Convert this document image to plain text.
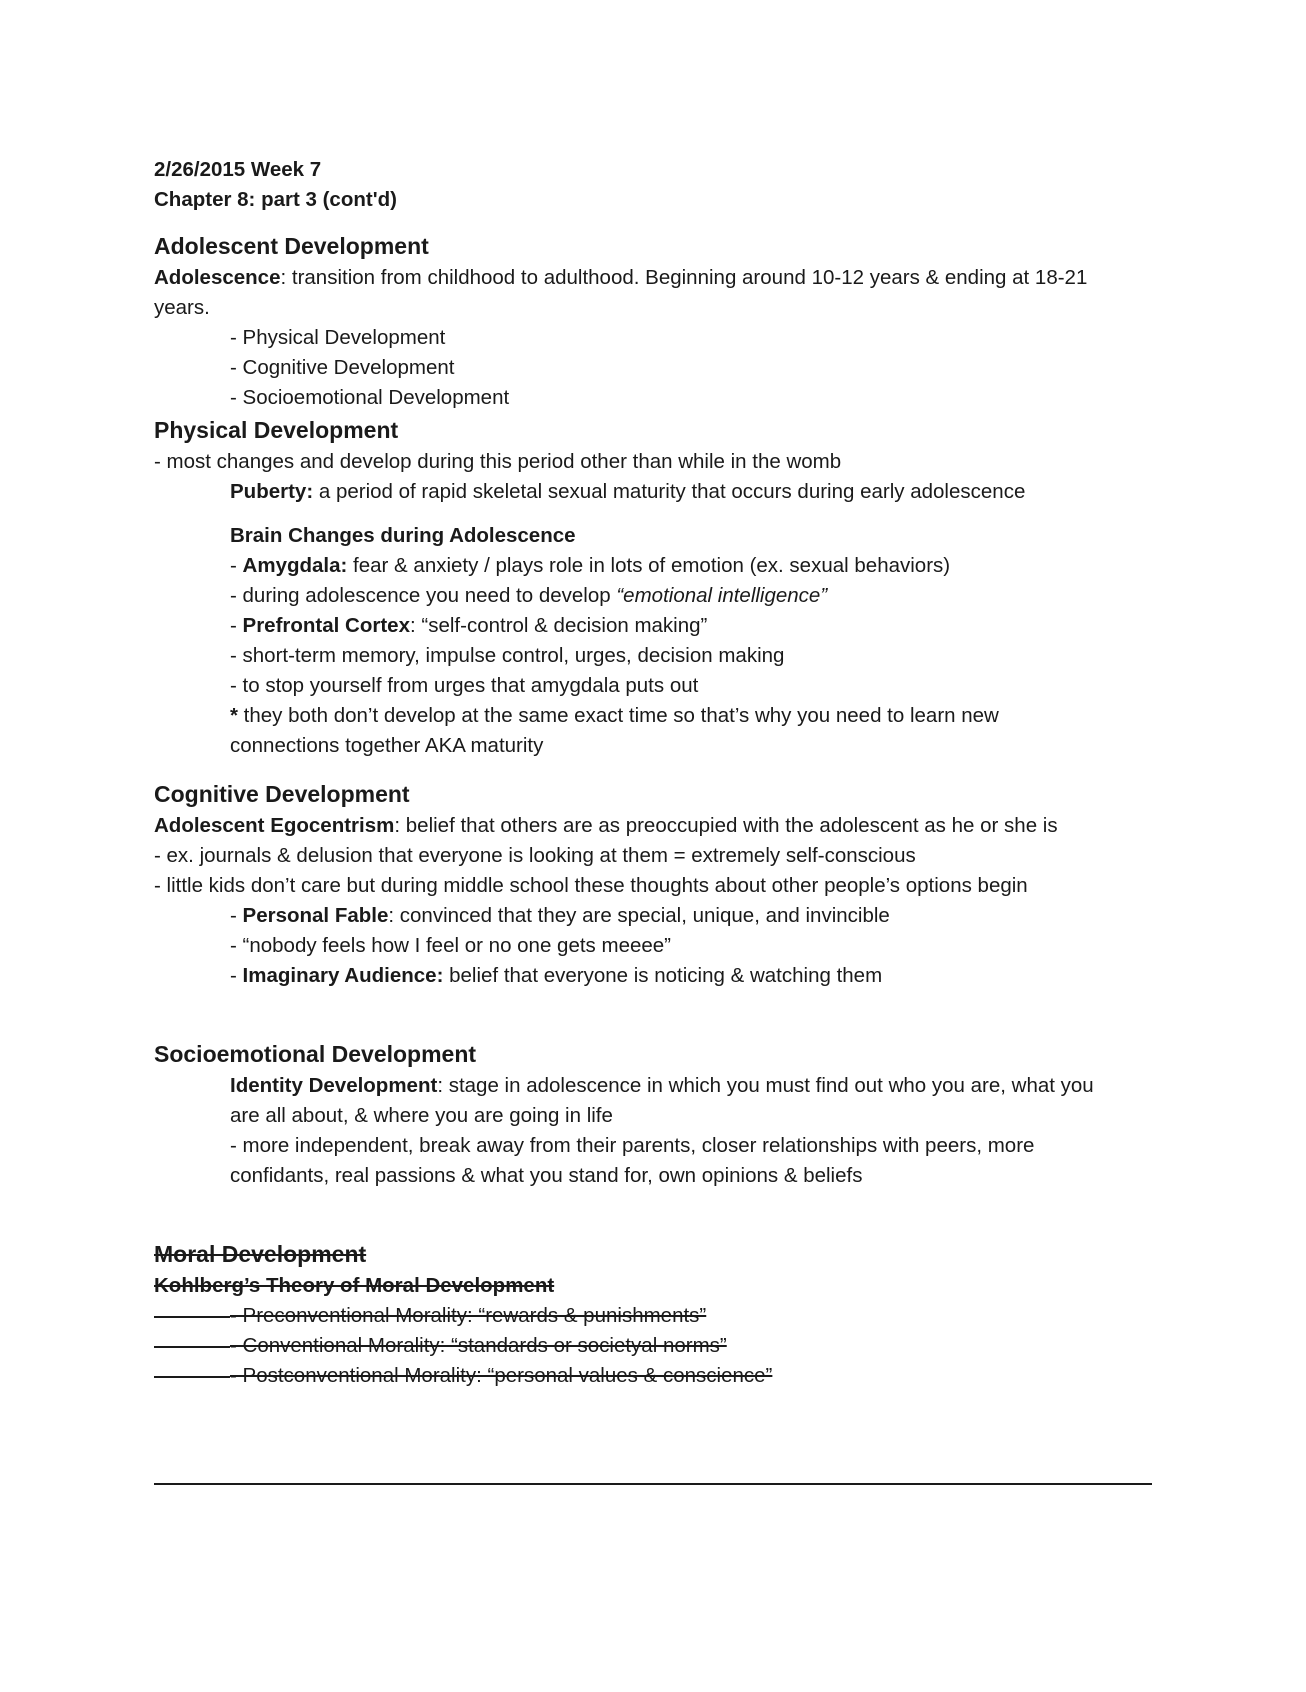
2/26/2015 Week 7
Chapter 8: part 3 (cont'd)
Adolescent Development
Adolescence: transition from childhood to adulthood. Beginning around 10-12 years & ending at 18-21
years.
- Physical Development
- Cognitive Development
- Socioemotional Development
Physical Development
- most changes and develop during this period other than while in the womb
Puberty: a period of rapid skeletal sexual maturity that occurs during early adolescence
Brain Changes during Adolescence
- Amygdala: fear & anxiety / plays role in lots of emotion (ex. sexual behaviors)
- during adolescence you need to develop “emotional intelligence”
- Prefrontal Cortex: “self-control & decision making”
- short-term memory, impulse control, urges, decision making
- to stop yourself from urges that amygdala puts out
* they both don’t develop at the same exact time so that’s why you need to learn new
connections together AKA maturity
Cognitive Development
Adolescent Egocentrism: belief that others are as preoccupied with the adolescent as he or she is
- ex. journals & delusion that everyone is looking at them = extremely self-conscious
- little kids don’t care but during middle school these thoughts about other people’s options begin
- Personal Fable: convinced that they are special, unique, and invincible
- “nobody feels how I feel or no one gets meeee”
- Imaginary Audience: belief that everyone is noticing & watching them
Socioemotional Development
Identity Development: stage in adolescence in which you must find out who you are, what you
are all about, & where you are going in life
- more independent, break away from their parents, closer relationships with peers, more
confidants, real passions & what you stand for, own opinions & beliefs
Moral Development
Kohlberg’s Theory of Moral Development
- Preconventional Morality: “rewards & punishments”
- Conventional Morality: “standards or societyal norms”
- Postconventional Morality: “personal values & conscience”
